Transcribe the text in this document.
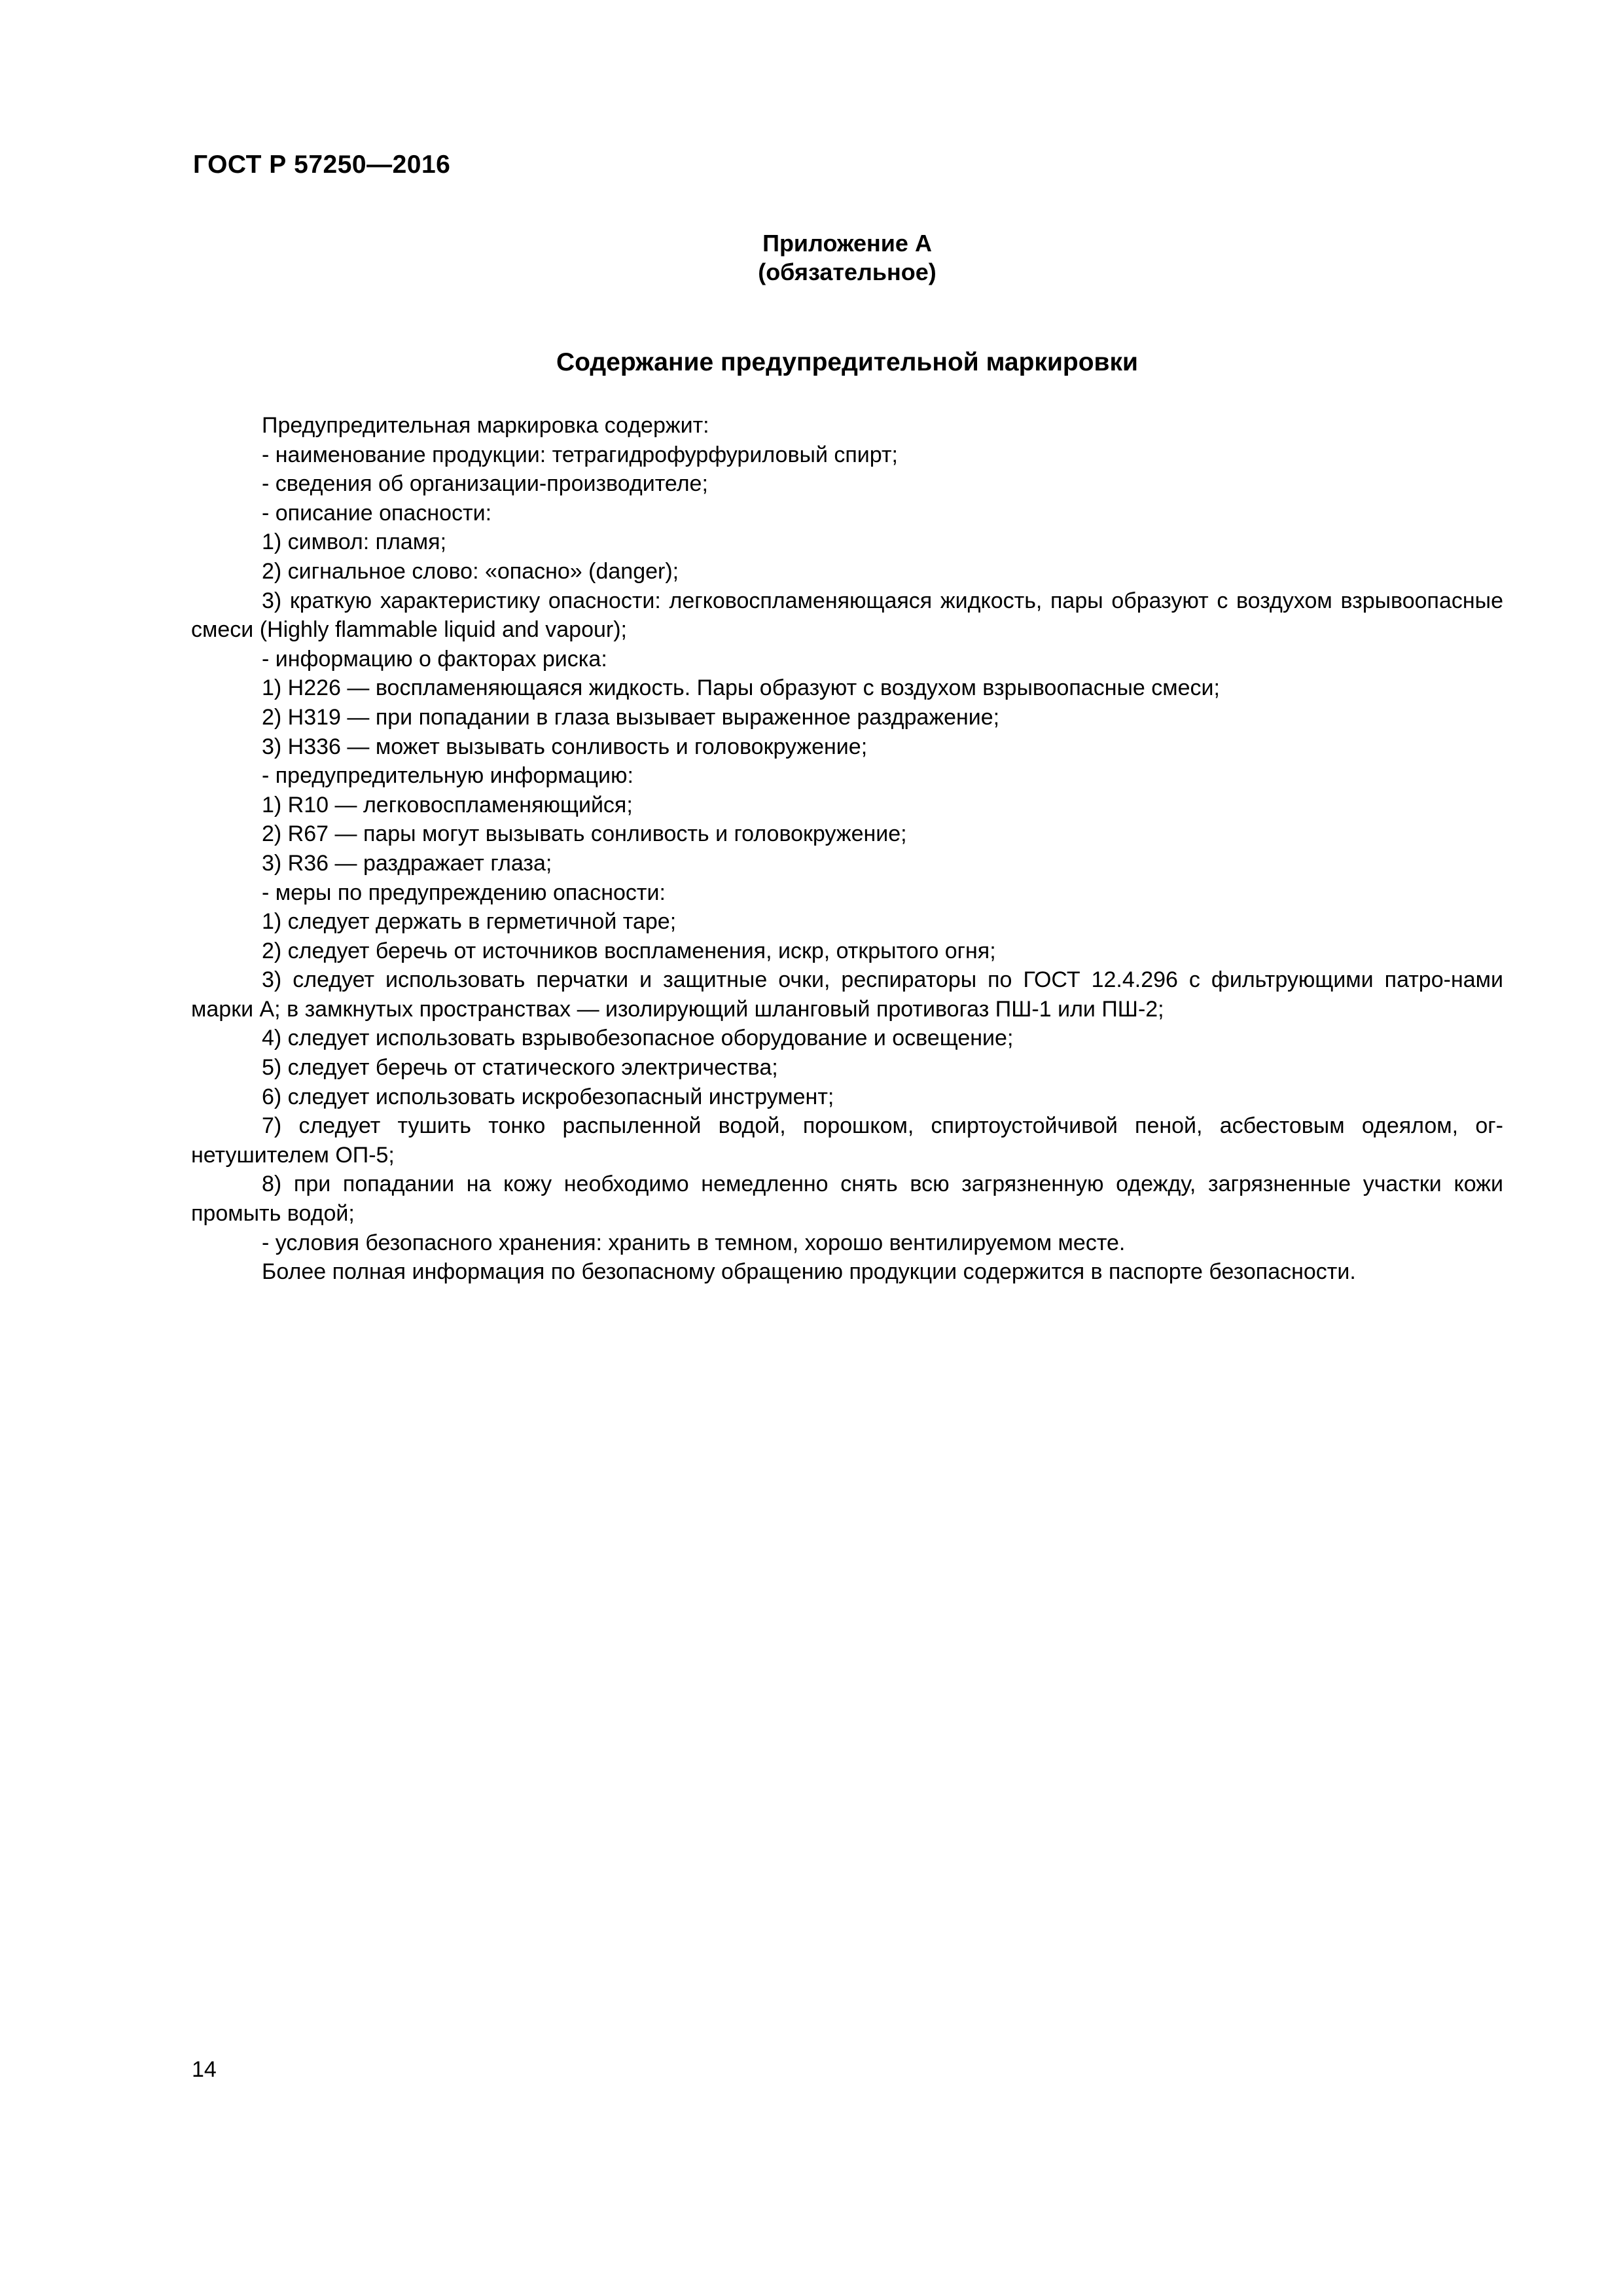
ГОСТ Р 57250—2016
Приложение А
(обязательное)
Содержание предупредительной маркировки

Предупредительная маркировка содержит:

- наименование продукции: тетрагидрофурфуриловый спирт;

- сведения об организации-производителе;

- описание опасности:

1) символ: пламя;

2) сигнальное слово: «опасно» (danger);

3) краткую характеристику опасности: легковоспламеняющаяся жидкость, пары образуют с воздухом взрывоопасные смеси (Highly flammable liquid and vapour);

- информацию о факторах риска:

1) Н226 — воспламеняющаяся жидкость. Пары образуют с воздухом взрывоопасные смеси;

2) Н319 — при попадании в глаза вызывает выраженное раздражение;

3) Н336 — может вызывать сонливость и головокружение;

- предупредительную информацию:

1) R10 — легковоспламеняющийся;

2) R67 — пары могут вызывать сонливость и головокружение;

3) R36 — раздражает глаза;

- меры по предупреждению опасности:

1) следует держать в герметичной таре;

2) следует беречь от источников воспламенения, искр, открытого огня;

3) следует использовать перчатки и защитные очки, респираторы по ГОСТ 12.4.296 с фильтрующими патро-нами марки А; в замкнутых пространствах — изолирующий шланговый противогаз ПШ-1 или ПШ-2;

4) следует использовать взрывобезопасное оборудование и освещение;

5) следует беречь от статического электричества;

6) следует использовать искробезопасный инструмент;

7) следует тушить тонко распыленной водой, порошком, спиртоустойчивой пеной, асбестовым одеялом, ог-нетушителем ОП-5;

8) при попадании на кожу необходимо немедленно снять всю загрязненную одежду, загрязненные участки кожи промыть водой;

- условия безопасного хранения: хранить в темном, хорошо вентилируемом месте.

Более полная информация по безопасному обращению продукции содержится в паспорте безопасности.

14
